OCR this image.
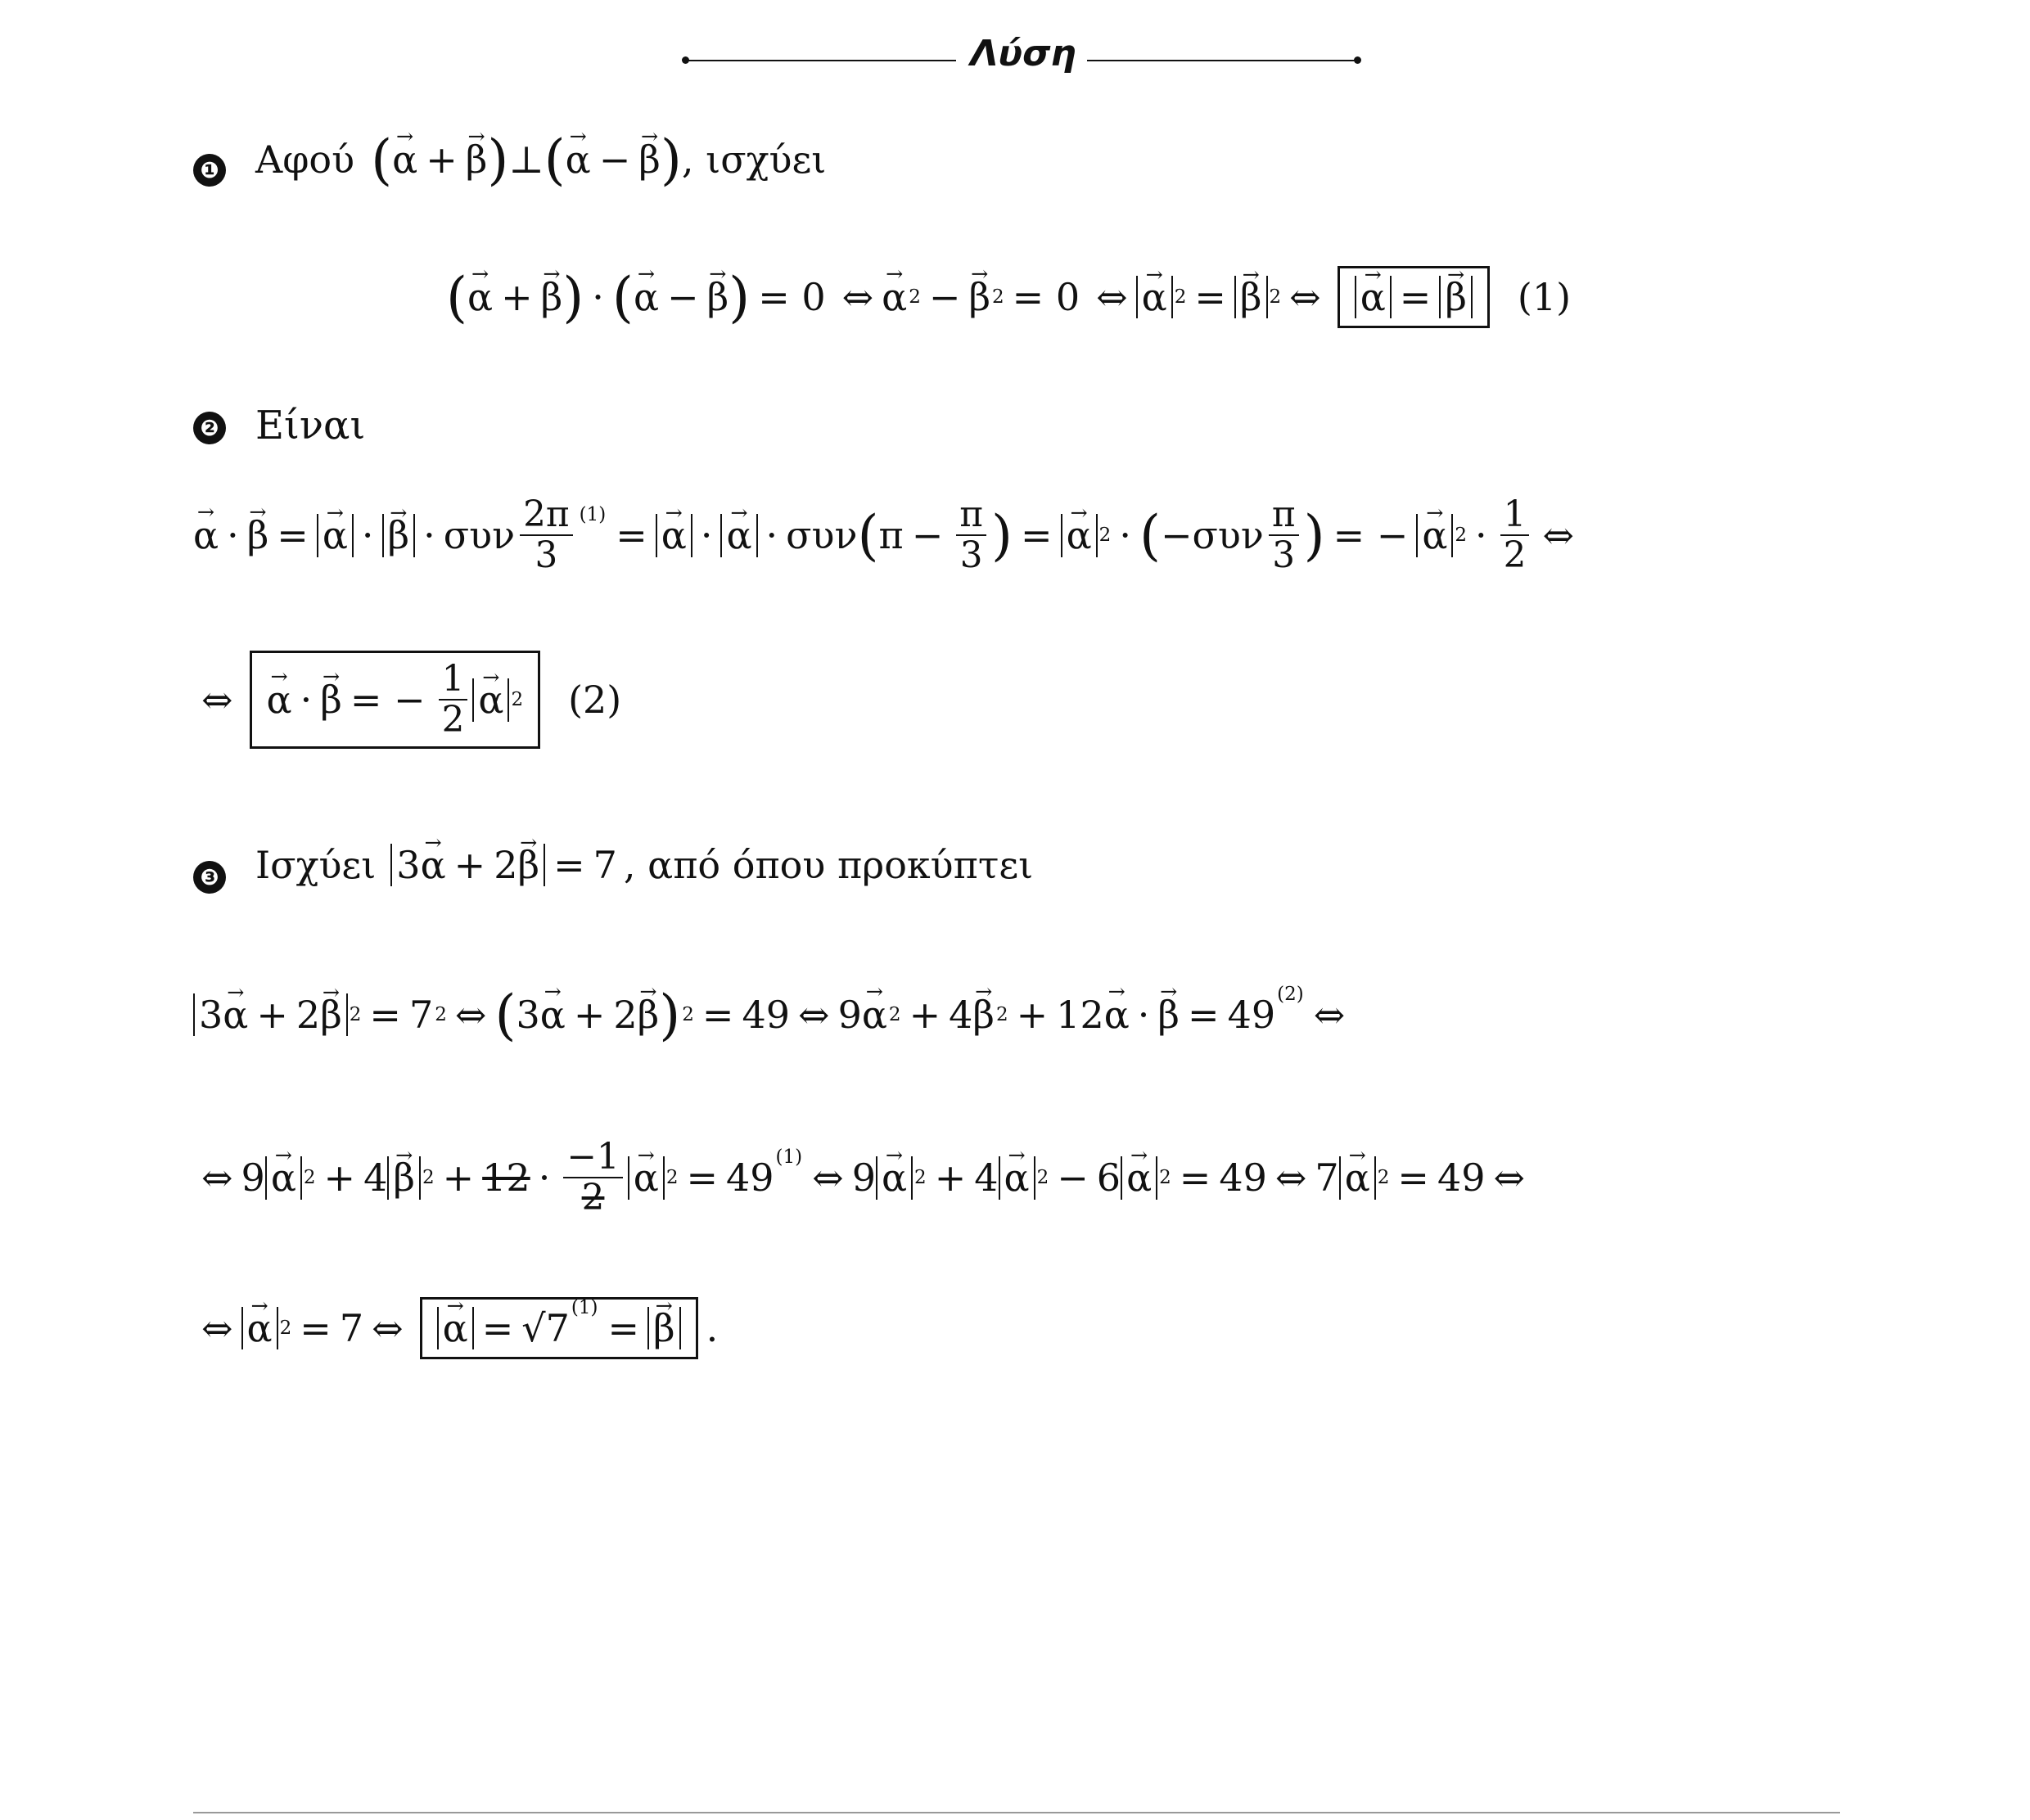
Λύση
❶ Αφού (
→ α +
→ β ) ⊥ (
→ α −
→ β ) , ισχύει
(
→ α +
→ β ) · (
→ α −
→ β ) = 0 ⇔
→ α 2 −
→ β 2 = 0 ⇔
→ α 2 =
→ β 2 ⇔
→ α =
→ β (1)
❷ Είναι
→ α ·
→ β =
→ α ·
→ β · συν $\frac{2\pi}{3} (1)$ =
→ α ·
→ α · συν ( $\pi - \frac{\pi}{3}$ ) =
→ α 2 · ( − συν $\frac{\pi}{3}$ ) = −
→ α $2 \cdot \frac{1}{2}$ ⇔
⇔
→ α ·
→ β = − $\frac{1}{2}$
→ α 2 (2)
❸ Ισχύει 3→ α + 2→ β = 7 , από όπου προκύπτει
3→ α + 2→ β 2 = 7 2 ⇔ ( 3
→ α + 2
→ β ) 2 = 49 ⇔ 9
→ α 2 + 4
→ β 2 + 12
→ α ·
→ β = 49 (2) ⇔
⇔ 9
→ α 2 + 4
→ β $2 + 12 \cdot \frac{-1}{2}$
→ α 2 = 49 (1) ⇔ 9
→ α 2 + 4
→ α 2 − 6
→ α 2 = 49 ⇔ 7
→ α 2 = 49 ⇔
⇔
→ α 2 = 7 ⇔
→ α = √7 (1) =
→ β .
